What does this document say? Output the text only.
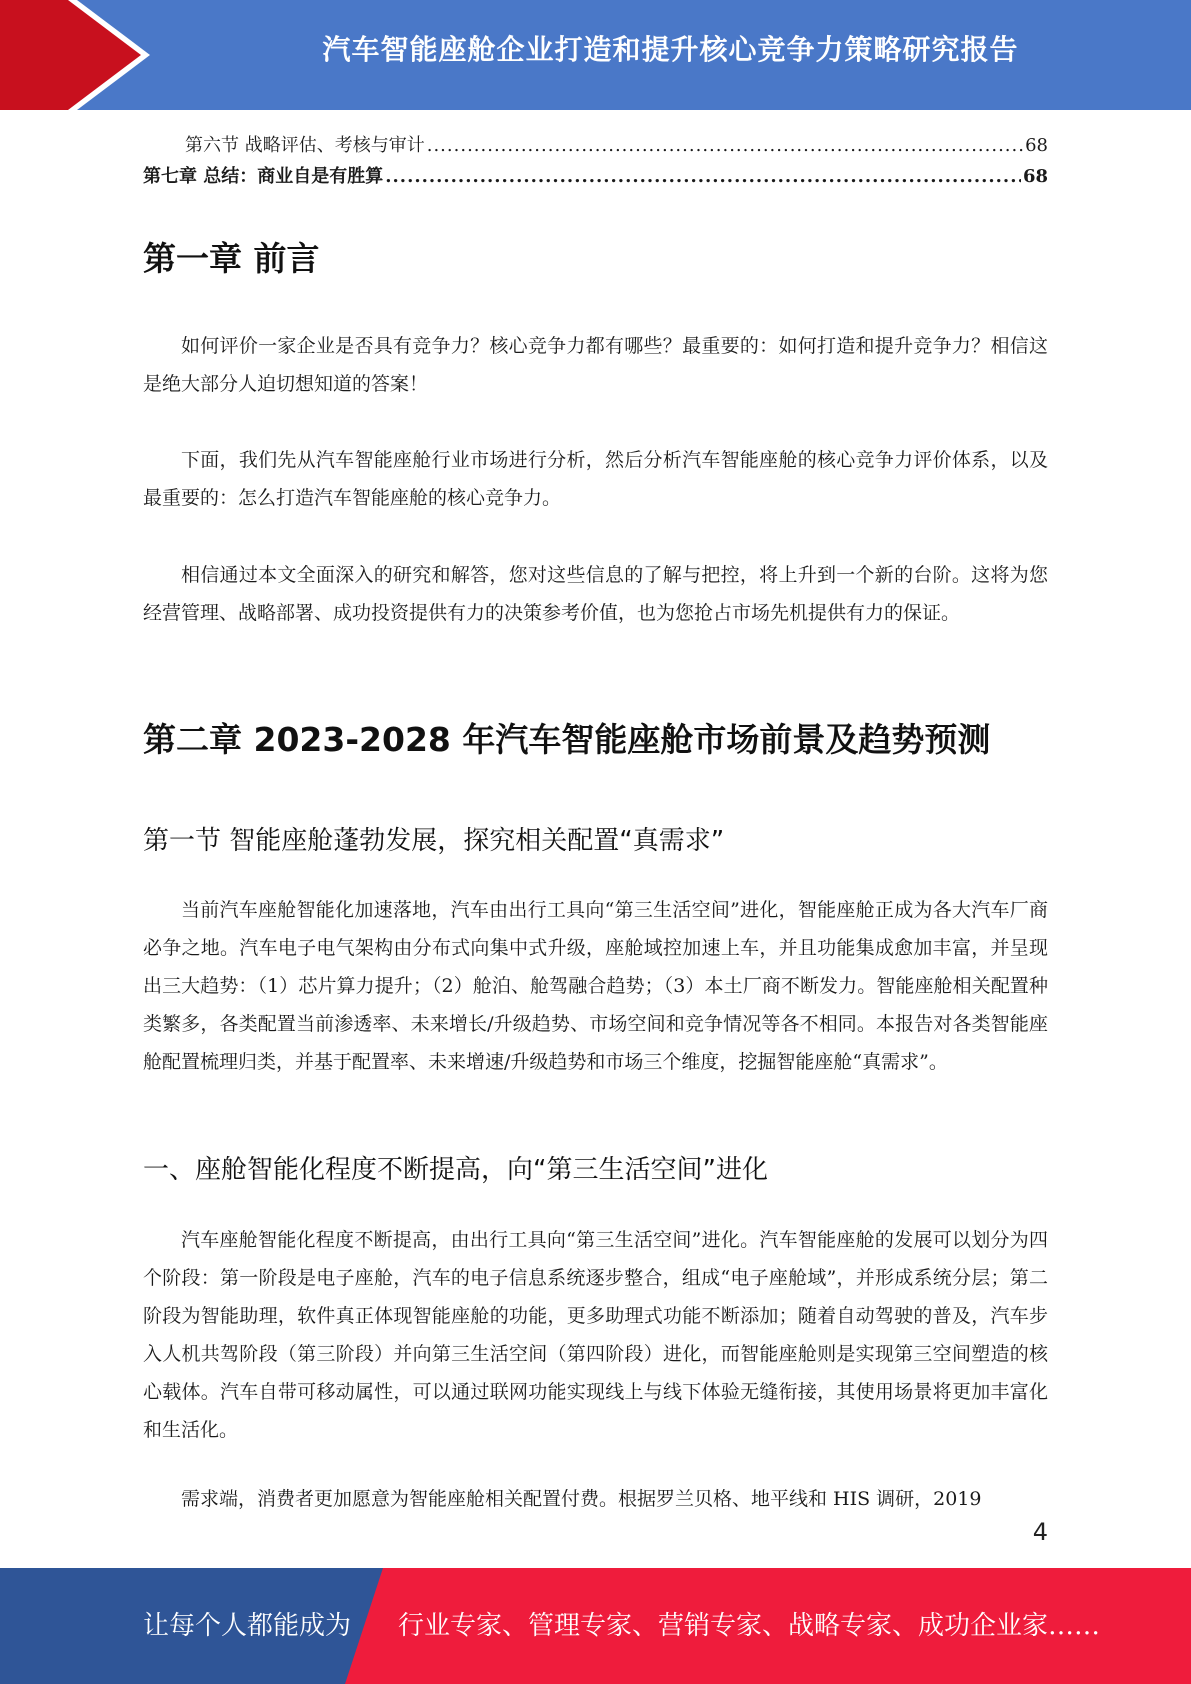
汽车智能座舱企业打造和提升核心竞争力策略研究报告
第六节 战略评估、考核与审计 .....	68
第七章 总结：商业自是有胜算 .....	68
第一章 前言

如何评价一家企业是否具有竞争力？核心竞争力都有哪些？最重要的：如何打造和提升竞争力？相信这是绝大部分人迫切想知道的答案！

下面，我们先从汽车智能座舱行业市场进行分析，然后分析汽车智能座舱的核心竞争力评价体系，以及最重要的：怎么打造汽车智能座舱的核心竞争力。

相信通过本文全面深入的研究和解答，您对这些信息的了解与把控，将上升到一个新的台阶。这将为您经营管理、战略部署、成功投资提供有力的决策参考价值，也为您抢占市场先机提供有力的保证。

第二章 2023-2028 年汽车智能座舱市场前景及趋势预测
第一节 智能座舱蓬勃发展，探究相关配置“真需求”

当前汽车座舱智能化加速落地，汽车由出行工具向“第三生活空间”进化，智能座舱正成为各大汽车厂商必争之地。汽车电子电气架构由分布式向集中式升级，座舱域控加速上车，并且功能集成愈加丰富，并呈现出三大趋势：（1）芯片算力提升；（2）舱泊、舱驾融合趋势；（3）本土厂商不断发力。智能座舱相关配置种类繁多，各类配置当前渗透率、未来增长/升级趋势、市场空间和竞争情况等各不相同。本报告对各类智能座舱配置梳理归类，并基于配置率、未来增速/升级趋势和市场三个维度，挖掘智能座舱“真需求”。

一、座舱智能化程度不断提高，向“第三生活空间”进化

汽车座舱智能化程度不断提高，由出行工具向“第三生活空间”进化。汽车智能座舱的发展可以划分为四个阶段：第一阶段是电子座舱，汽车的电子信息系统逐步整合，组成“电子座舱域”，并形成系统分层；第二阶段为智能助理，软件真正体现智能座舱的功能，更多助理式功能不断添加；随着自动驾驶的普及，汽车步入人机共驾阶段（第三阶段）并向第三生活空间（第四阶段）进化，而智能座舱则是实现第三空间塑造的核心载体。汽车自带可移动属性，可以通过联网功能实现线上与线下体验无缝衔接，其使用场景将更加丰富化和生活化。

需求端，消费者更加愿意为智能座舱相关配置付费。根据罗兰贝格、地平线和 HIS 调研，2019

4
让每个人都能成为 行业专家、管理专家、营销专家、战略专家、成功企业家……
